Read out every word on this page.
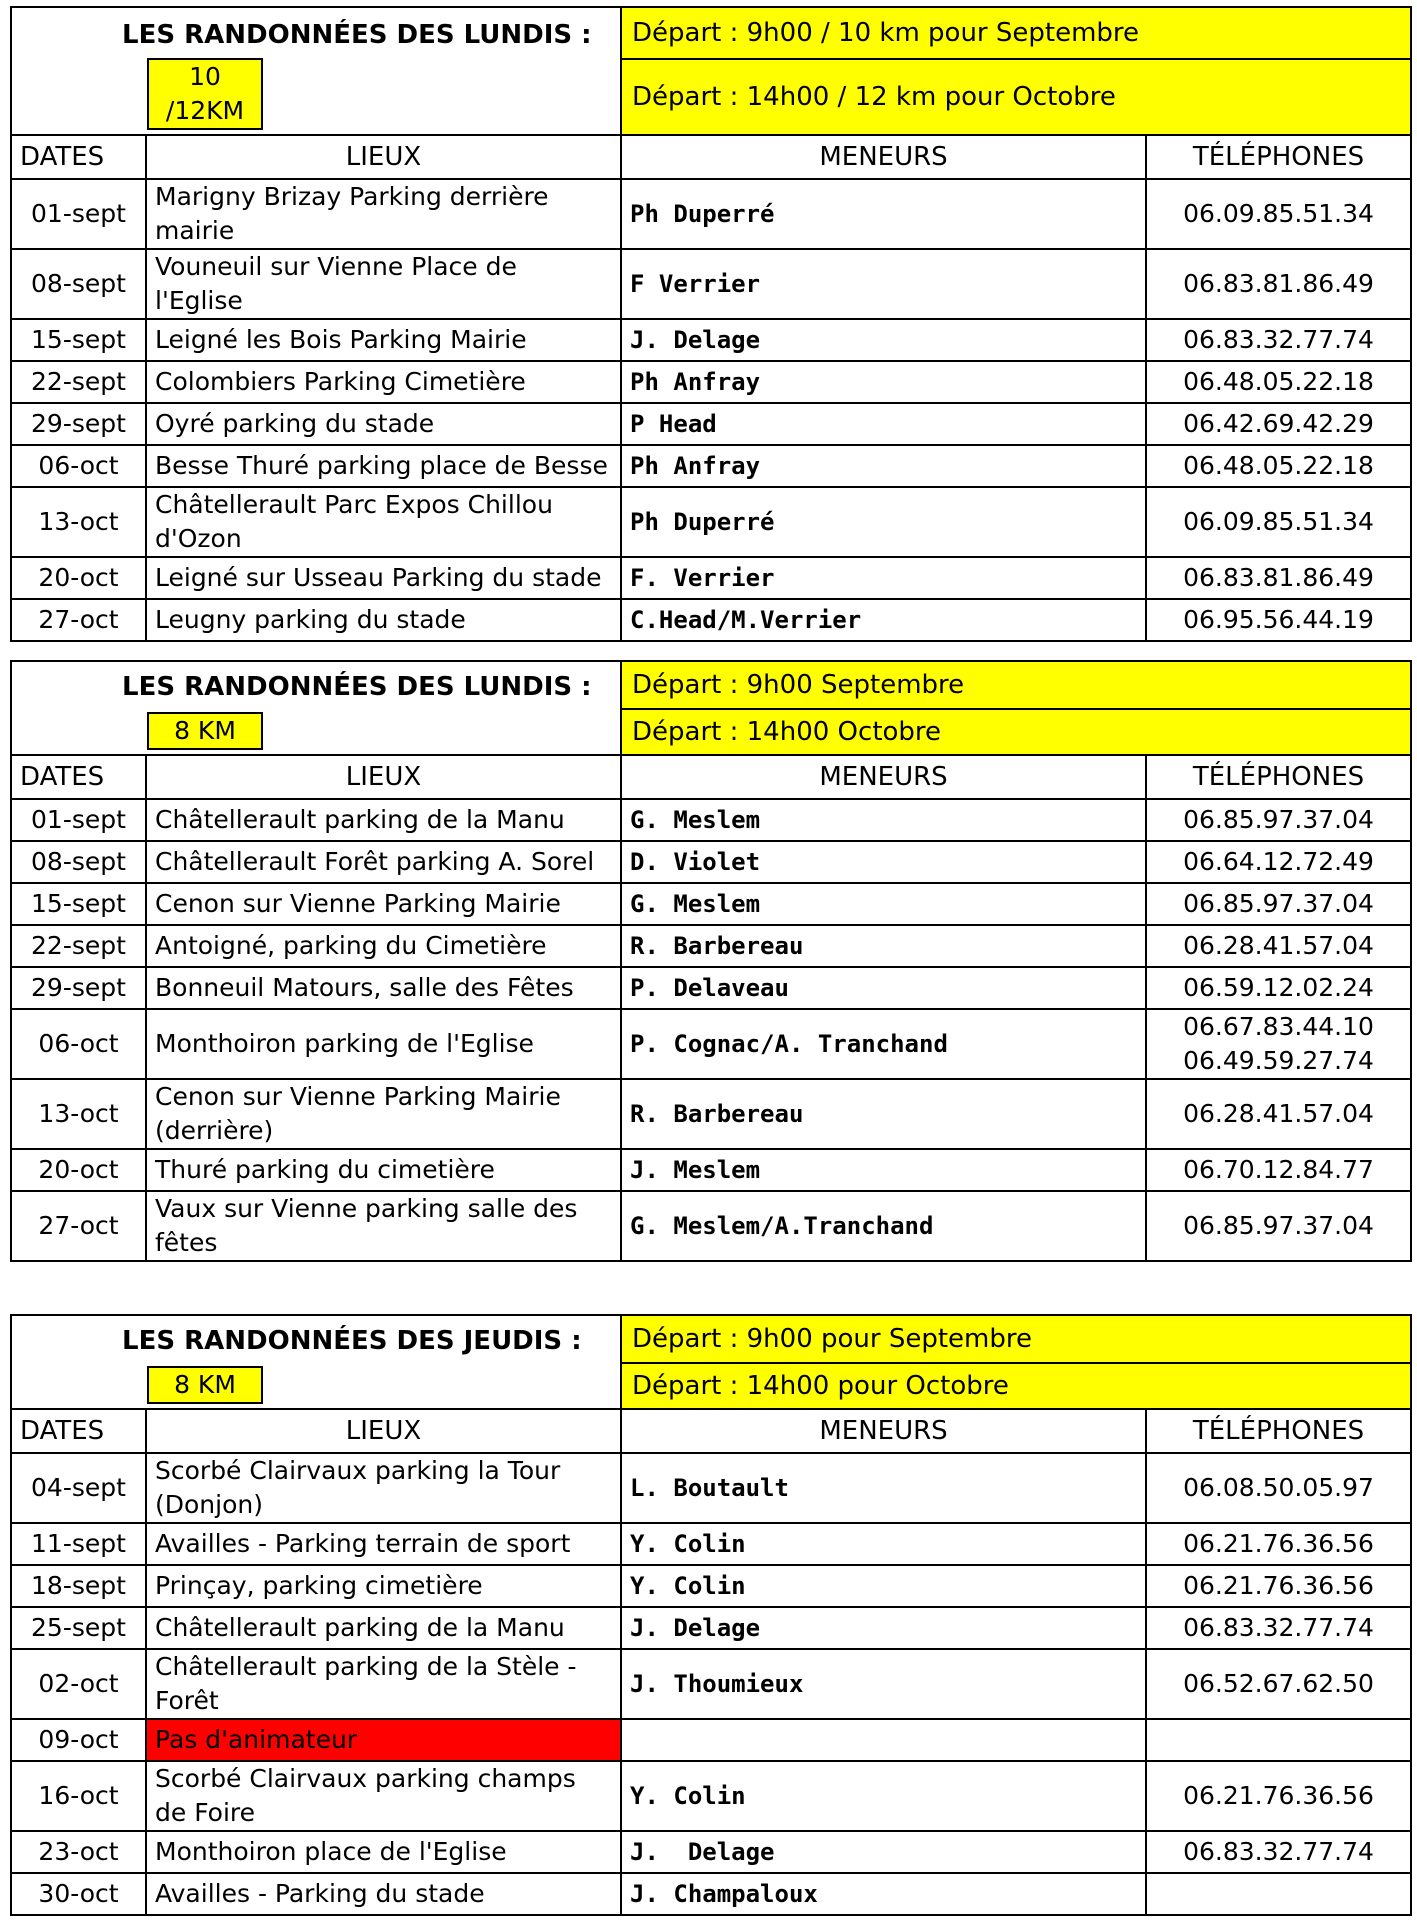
LES RANDONNÉES DES LUNDIS :
10
/12KM		Départ : 9h00 / 10 km pour Septembre	
		Départ : 14h00 / 12 km pour Octobre	
DATES	LIEUX	MENEURS	TÉLÉPHONES
01-sept	Marigny Brizay Parking derrière mairie	Ph Duperré	06.09.85.51.34
08-sept	Vouneuil sur Vienne Place de l'Eglise	F Verrier	06.83.81.86.49
15-sept	Leigné les Bois Parking Mairie	J. Delage	06.83.32.77.74
22-sept	Colombiers Parking Cimetière	Ph Anfray	06.48.05.22.18
29-sept	Oyré parking du stade	P Head	06.42.69.42.29
06-oct	Besse Thuré parking place de Besse	Ph Anfray	06.48.05.22.18
13-oct	Châtellerault Parc Expos Chillou d'Ozon	Ph Duperré	06.09.85.51.34
20-oct	Leigné sur Usseau Parking du stade	F. Verrier	06.83.81.86.49
27-oct	Leugny parking du stade	C.Head/M.Verrier	06.95.56.44.19
LES RANDONNÉES DES LUNDIS :
8 KM		Départ : 9h00 Septembre	
		Départ : 14h00 Octobre	
DATES	LIEUX	MENEURS	TÉLÉPHONES
01-sept	Châtellerault parking de la Manu	G. Meslem	06.85.97.37.04
08-sept	Châtellerault Forêt parking A. Sorel	D. Violet	06.64.12.72.49
15-sept	Cenon sur Vienne Parking Mairie	G. Meslem	06.85.97.37.04
22-sept	Antoigné, parking du Cimetière	R. Barbereau	06.28.41.57.04
29-sept	Bonneuil Matours, salle des Fêtes	P. Delaveau	06.59.12.02.24
06-oct	Monthoiron parking de l'Eglise	P. Cognac/A. Tranchand	06.67.83.44.10
06.49.59.27.74
13-oct	Cenon sur Vienne Parking Mairie (derrière)	R. Barbereau	06.28.41.57.04
20-oct	Thuré parking du cimetière	J. Meslem	06.70.12.84.77
27-oct	Vaux sur Vienne parking salle des fêtes	G. Meslem/A.Tranchand	06.85.97.37.04
LES RANDONNÉES DES JEUDIS :
8 KM		Départ : 9h00 pour Septembre	
		Départ : 14h00 pour Octobre	
DATES	LIEUX	MENEURS	TÉLÉPHONES
04-sept	Scorbé Clairvaux parking la Tour (Donjon)	L. Boutault	06.08.50.05.97
11-sept	Availles - Parking terrain de sport	Y. Colin	06.21.76.36.56
18-sept	Prinçay, parking cimetière	Y. Colin	06.21.76.36.56
25-sept	Châtellerault parking de la Manu	J. Delage	06.83.32.77.74
02-oct	Châtellerault parking de la Stèle - Forêt	J. Thoumieux	06.52.67.62.50
09-oct	Pas d'animateur		
16-oct	Scorbé Clairvaux parking champs de Foire	Y. Colin	06.21.76.36.56
23-oct	Monthoiron place de l'Eglise	J.  Delage	06.83.32.77.74
30-oct	Availles - Parking du stade	J. Champaloux	
